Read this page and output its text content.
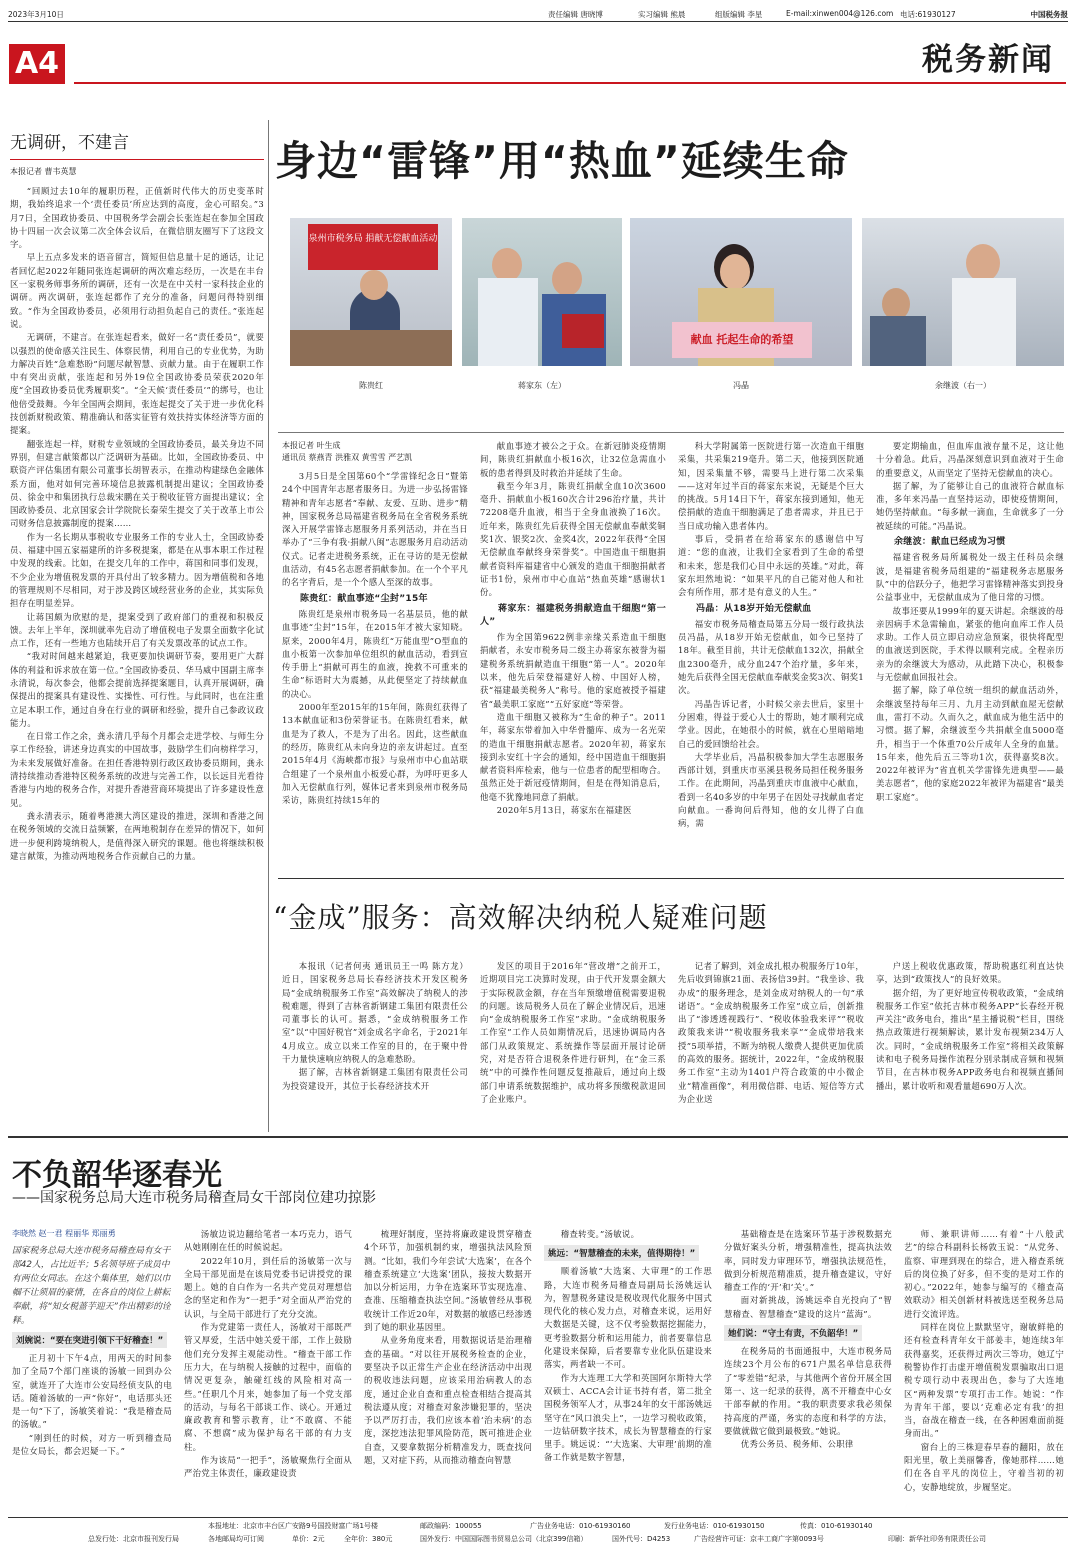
2023年3月10日	责任编辑 唐晓博	实习编辑 熊晨	组版编辑 李星	E-mail:xinwen004@126.com 电话:61930127	中国税务报
A4	税务新闻
无调研，不建言
本报记者 曹韦英慧

“回顾过去10年的履职历程，正值新时代伟大的历史变革时期，我始终追求一个‘责任委员’所应达到的高度，金心可昭矣。”3月7日，全国政协委员、中国税务学会副会长张连起在参加全国政协十四届一次会议第二次全体会议后，在微信朋友圈写下了这段文字。

早上五点多发来的语音留言，简短但信息量十足的通话，让记者回忆起2022年随同张连起调研的两次难忘经历，一次是在丰台区一家税务师事务所的调研，还有一次是在中关村一家科技企业的调研。两次调研，张连起都作了充分的准备，问题问得特别细致。“作为全国政协委员，必须用行动担负起自己的责任。”张连起说。

无调研，不建言。在张连起看来，做好一名“责任委员”，就要以强烈的使命感关注民生、体察民情，利用自己的专业优势，为助力解决百姓“急难愁盼”问题尽献智慧、贡献力量。由于在履职工作中有突出贡献，张连起和另外19位全国政协委员荣获2020年度“全国政协委员优秀履职奖”。“全天候‘责任委员’”的绑号，也让他倍受鼓舞。今年全国两会期间，张连起提交了关于进一步优化科技创新财税政策、精准确认和落实征管有效扶持实体经济等方面的提案。

翻张连起一样，财税专业领域的全国政协委员，最关身边不同界别，但建言献策都以广泛调研为基础。比如，全国政协委员、中联资产评估集团有限公司董事长胡智表示，在推动构建绿色金融体系方面，他对如何完善环境信息披露机制提出建议；全国政协委员、徐金中和集团执行总裁宋鹏在关于税收征管方面提出建议；全国政协委员、北京国家会计学院院长秦荣生提交了关于改革上市公司财务信息披露制度的提案……

作为一名长期从事税收专业服务工作的专业人士，全国政协委员、福建中国五家福建所的许多税提案，都是在从事本职工作过程中发现的线索。比如，在提交几年的工作中，蒋国和同事们发现，不少企业为增值税发票的开具付出了较多精力。因为增值税和各地的管理规则不尽相同，对于涉及跨区域经营业务的企业，其实际负担存在明显差异。

让蒋国颇为欣慰的是，提案受到了政府部门的重视和积极反馈。去年上半年，深圳就率先启动了增值税电子发票全面数字化试点工作，还有一些地方也陆续开启了有关发票改革的试点工作。

“我对时间越来越紧迫，我更要加快调研节奏，要用更广大群体的利益和诉求放在第一位。”全国政协委员、华马威中国副主席李永清说，每次参会，他都会提前选择提案题目，认真开展调研，确保提出的提案具有建设性、实操性、可行性。与此同时，也在注重立足本职工作，通过自身在行业的调研和经验，提升自己参政议政能力。

在日常工作之余，龚永清几乎每个月都会走进学校、与师生分享工作经验，讲述身边真实的中国故事，鼓励学生们向榜样学习，为未来发展做好准备。在担任香港特别行政区政协委员期间，龚永清持续推动香港特区税务系统的改进与完善工作，以长远目光看待香港与内地的税务合作，对提升香港营商环境提出了许多建设性意见。

龚永清表示，随着粤港澳大湾区建设的推进，深圳和香港之间在税务领域的交流日益频繁，在两地税制存在差异的情况下，如何进一步便利跨境纳税人，是值得深入研究的课题。他也将继续积极建言献策，为推动两地税务合作贡献自己的力量。

身边“雷锋”用“热血”延续生命
泉州市税务局 捐献无偿献血活动
陈贵红	蒋家东（左）
献血 托起生命的希望
冯晶	余继波（右一）
本报记者 叶生成
通讯员 蔡燕青 洪雅双 黄雪雪 严艺凯

3月5日是全国第60个“学雷锋纪念日”暨第24个中国青年志愿者服务日。为进一步弘扬雷锋精神和青年志愿者“奉献、友爱、互助、进步”精神，国家税务总局福建省税务局在全省税务系统深入开展学雷锋志愿服务月系列活动，并在当日举办了“三争有我·捐献八闽”志愿服务月启动活动仪式。记者走进税务系统，正在寻访的是无偿献血活动，有45名志愿者捐献参加。在一个个平凡的名字背后，是一个个感人至深的故事。

陈贵红：献血事迹“尘封”15年

陈贵红是泉州市税务局一名基层员，他的献血事迹“尘封”15年，在2015年才被大家知晓。原来，2000年4月，陈贵红“万能血型”O型血的血小板第一次参加单位组织的献血活动，看到宣传手册上“捐献可再生的血液，挽救不可重来的生命”标语时大为震撼，从此便坚定了持续献血的决心。

2000年至2015年的15年间，陈贵红获得了13本献血证和3份荣誉证书。在陈贵红看来，献血是为了救人，不是为了出名。因此，这些献血的经历，陈贵红从未向身边的亲友讲起过。直至2015年4月《海峡都市报》与泉州市中心血站联合组建了一个泉州血小板爱心群，为呼吁更多人加入无偿献血行列，媒体记者来到泉州市税务局采访，陈贵红持续15年的

献血事迹才被公之于众。在新冠肺炎疫情期间，陈贵红捐献血小板16次，让32位急需血小板的患者得到及时救治并延续了生命。

截至今年3月，陈贵红捐献全血10次3600毫升、捐献血小板160次合计296治疗量，共计72208毫升血液，相当于全身血液换了16次。近年来，陈贵红先后获得全国无偿献血奉献奖铜奖1次、银奖2次、金奖4次，2022年获得“全国无偿献血奉献终身荣誉奖”。中国造血干细胞捐献者资料库福建省中心颁发的造血干细胞捐献者证书1份，泉州市中心血站“热血英雄”感谢状1份。

蒋家东：福建税务捐献造血干细胞“第一人”

作为全国第9622例非亲缘关系造血干细胞捐献者，永安市税务局二级主办蒋家东被誉为福建税务系统捐献造血干细胞“第一人”。2020年以来，他先后荣登福建好人榜、中国好人榜，获“福建最美税务人”称号。他的家庭被授予福建省“最美职工家庭”“五好家庭”等荣誉。

造血干细胞又被称为“生命的种子”。2011年，蒋家东带着加入中华骨髓库、成为一名光荣的造血干细胞捐献志愿者。2020年初，蒋家东接到永安红十字会的通知，经中国造血干细胞捐献者资料库检索，他与一位患者的配型相吻合。虽然正处于新冠疫情期间，但是在得知消息后，他毫不犹豫地同意了捐献。

2020年5月13日，蒋家东在福建医

科大学附属第一医院进行第一次造血干细胞采集，共采集219毫升。第二天，他接到医院通知，因采集量不够，需要马上进行第二次采集——这对年过半百的蒋家东来说，无疑是个巨大的挑战。5月14日下午，蒋家东接到通知，他无偿捐献的造血干细胞满足了患者需求，并且已于当日成功输入患者体内。

事后，受捐者在给蒋家东的感谢信中写道：“您的血液，让我们全家看到了生命的希望和未来，您是我们心目中永远的英雄。”对此，蒋家东坦然地说：“如果平凡的自己能对他人和社会有所作用，那才是有意义的人生。”

冯晶：从18岁开始无偿献血

福安市税务局稽查局第五分局一级行政执法员冯晶，从18岁开始无偿献血，如今已坚持了18年。截至目前，共计无偿献血132次，捐献全血2300毫升，成分血247个治疗量，多年来，她先后获得全国无偿献血奉献奖金奖3次、铜奖1次。

冯晶告诉记者，小时候父亲去世后，家里十分困难，得益于爱心人士的帮助，她才顺利完成学业。因此，在她很小的时候，就在心里暗暗地自己的爱回馈给社会。

大学毕业后，冯晶积极参加大学生志愿服务西部计划，到重庆市巫溪县税务局担任税务服务工作。在此期间，冯晶到重庆市血液中心献血，看到一名40多岁的中年男子在因处寻找献血者定向献血。一番询问后得知，他的女儿得了白血病，需

要定期输血，但血库血液存量不足，这让他十分着急。此后，冯晶深刻意识到血液对于生命的重要意义，从而坚定了坚持无偿献血的决心。

据了解，为了能够让自己的血液符合献血标准，多年来冯晶一直坚持运动，即使疫情期间，她仍坚持献血。“每多献一滴血，生命就多了一分被延续的可能。”冯晶说。

余继波：献血已经成为习惯

福建省税务局所属税处一级主任科员余继波，是福建省税务局组建的“福建税务志愿服务队”中的信跃分子，他把学习雷锋精神落实到投身公益事业中，无偿献血成为了他日常的习惯。

故事还要从1999年的夏天讲起。余继波的母亲因病手术急需输血，紧张的他向血库工作人员求助。工作人员立即启动应急预案，很快将配型的血液送到医院，手术得以顺利完成。全程亲历亲为的余继波大为感动，从此踏下决心，积极参与无偿献血回报社会。

据了解，除了单位统一组织的献血活动外，余继波坚持每年三月、九月主动到献血屋无偿献血，雷打不动。久而久之，献血成为他生活中的习惯。据了解，余继波至今共捐献全血5000毫升，相当于一个体重70公斤成年人全身的血量。15年来，他先后五三等功1次，获得嘉奖8次。2022年被评为“省直机关学雷锋先进典型——最美志愿者”，他的家庭2022年被评为福建省“最美职工家庭”。

“金成”服务：高效解决纳税人疑难问题

本报讯（记者何夷 通讯员王一鸣 陈方龙）近日，国家税务总局长春经济技术开发区税务局“金成纳税服务工作室”高效解决了纳税人的涉税难题，得到了吉林省新钢建工集团有限责任公司董事长的认可。据悉，“金成纳税服务工作室”以“中国好税官”刘金成名字命名，于2021年4月成立。成立以来工作室的目的，在于聚中骨干力量快速响应纳税人的急难愁盼。

据了解，吉林省新钢建工集团有限责任公司为投资建设开，其位于长春经济技术开

发区的项目于2016年“营改增”之前开工，近期项目完工决算时发现，由于代开发票金额大于实际税款金额，存在当年预缴增值税需要退税的问题。该局税务人员在了解企业情况后，迅速向“金成纳税服务工作室”求助。“金成纳税服务工作室”工作人员如期情况后，迅速协调局内各部门从政策规定、系统操作等层面开展讨论研究，对是否符合退税条件进行研判，在“金三系统”中的可操作性问题反复推敲后，通过向上级部门申请系统数据维护，成功将多预缴税款退回了企业账户。

记者了解到，刘金成扎根办税服务厅10年，先后收到锦旗21面、表扬信39封。“我坐诊、我办成”的服务理念，是刘金成对纳税人的一句“承诺语”。“金成纳税服务工作室”成立后，创新推出了“渗透透视践行”、“税收体验我来评”“税收政策我来讲”“税收服务我来享”“金成带培我来授”5项举措，不断为纳税人缴费人提供更加优质的高效的服务。据统计，2022年，“金成纳税服务工作室”主动为1401户符合政策的中小微企业“精准画像”，利用微信群、电话、短信等方式为企业送

户送上税收优惠政策，帮助税惠红利直达快享，达到“政策找人”的良好效果。

据介绍，为了更好地宣传税收政策，“金成纳税服务工作室”依托吉林市税务APP“长春经开税声关注”政务电台，推出“星主播说税”栏目，围绕热点政策进行视频解读，累计发布视频234万人次。同时，“金成纳税服务工作室”将相关政策解读和电子税务局操作流程分别录制成音频和视频节目，在吉林市税务APP政务电台和视频直播间播出，累计收听和观看量超690万人次。

不负韶华逐春光
——国家税务总局大连市税务局稽查局女干部岗位建功掠影
李晓然 赵一君 程丽华 郑丽勇
国家税务总局大连市税务局稽查局有女干部42人，占比近半；5名领导班子成员中有两位女同志。在这个集体里，她们以巾帼不让须眉的豪情，在各自的岗位上耕耘奉献，将“知女税蔷芋迎天”作出精彩的诠释。
刘婉说：“要在突进引领下干好稽查！”

正月初十下午4点，用两天的时间参加了全局7个部门座谈的汤敏一回到办公室，就连开了大连市公安局经侦支队的电话。随着汤敏的一声“你好”，电话那头还是一句“下了，汤敏笑着说：“我是稽查局的汤敏。”

“刚到任的时候，对方一听到稽查局是位女局长，都会迟疑一下。”

汤敏边说边翻给笔者一本巧克力，语气从她刚刚在任的时候说起。

2022年10月，到任后的汤敏第一次与全局干部见面是在该局党委书记讲授党的课题上。她的自白作为一名共产党员对理想信念的坚定和作为“一把手”对全面从严治党的认识，与全局干部进行了充分交流。

作为党建第一责任人，汤敏对干部既严管又厚爱，生活中她关爱干部，工作上鼓励他们充分发挥主观能动性。“稽查干部工作压力大，在与纳税人接触的过程中，面临的情况更复杂，触碰红线的风险相对高一些。”任职几个月来，她参加了每一个党支部的活动，与每名干部谈工作、谈心。开通过廉政教育和警示教育，让“不敢腐、不能腐、不想腐”成为保护每名干部的有力支柱。

作为该局“一把手”，汤敏聚焦行全面从严治党主体责任，廉政建设责

梳理好制度，坚持将廉政建设贯穿稽查4个环节，加强机制约束，增强执法风险预测。“比如，我们今年尝试‘大选案’，在各个稽查系统建立‘大选案’团队，接按大数据开加以分析运用，力争在选案环节实现选准、查准、压缩稽查执法空间。”汤敏曾经从事税收统计工作近20年，对数据的敏感已经渗透到了她的职业基因里。

从业务角度来看，用数据说话是治理稽查的基础。“对以往开展税务检查的企业，要坚决予以正常生产企业在经济活动中出现的税收违法问题，应该采用治病教人的态度，通过企业自查和重点检查相结合提高其税法遵从度；对稽查对象涉嫌犯罪的，坚决予以严厉打击，我们应该本着‘治未病’的态度，深挖违法犯罪风险防范，既可推进企业自查，又要拿数据分析精准发力，既查找问题，又对症下药，从而推动稽查向智慧

稽查转变。”汤敏说。

姚远：“智慧稽查的未来，值得期待！”

顺着汤敏“大选案、大审理”的工作思路，大连市税务局稽查局副局长汤姚远认为，智慧税务建设是税收现代化服务中国式现代化的核心发力点，对稽查来说，运用好大数据是关键，这不仅考验数据挖掘能力，更考验数据分析和运用能力，前者要靠信息化建设来保障，后者要靠专业化队伍建设来落实，两者缺一不可。

作为大连理工大学和英国阿尔斯特大学双硕士、ACCA会计证书持有者，第二批全国税务领军人才，从事24年的女干部汤姚远坚守在“风口浪尖上”，一边学习税收政策，一边钻研数字技术，成长为智慧稽查的行家里手。姚远说：“‘大选案、大审理’前期的准备工作就是数字智慧，

基础稽查是在选案环节基于涉税数据充分做好案头分析，增强精准性，提高执法效率，同时发力审理环节，增强执法规范性，做到分析规范精准质，提升稽查建议，守好稽查工作的‘开’和‘关’。”

面对新挑战，汤姚远牵自光投向了“智慧稽查、智慧稽查”建设的这片“蓝海”。

她们说：“守土有责，不负韶华！”

在税务局的书面通报中，大连市税务局连续23个月公布的671户黑名单信息获得了“零差错”纪录，与其他两个省份开展全国第一、这一纪录的获得，离不开稽查中心女干部奉献的作用。“我的职责要求我必须保持高度的严谨，务实的态度和科学的方法，要做就做它做到最极致。”她说。

优秀公务员、税务师、公职律

师、兼职讲师……有着“十八般武艺”的综合科副科长杨敦玉说：“从党务、监察、审理到现在的综合，进入稽查系统后的岗位换了好多，但不变的是对工作的初心。”2022年，她参与编写的《稽查高效联动》相关创新材料被选送至税务总局进行交流评选。

同样在岗位上默默坚守，谢敏鲜艳的还有检查科青年女干部姜丰，她连续3年获得嘉奖，还获得过两次三等功，她辽宁税警协作打击虚开增值税发票骗取出口退税专项行动中表现出色，参与了大连地区“两种发票”专项打击工作。她说：“作为青年干部，要以‘克难必定有我’的担当，奋战在稽查一线，在各种困难面前挺身而出。”

窗台上的三株迎春早春的翻阳，放在阳光里，敬上美丽馨香，像她那样……她们在各自平凡的岗位上，守着当初的初心，安静地绽放，步履坚定。

本报地址：北京市丰台区广安路9号国投财富广场1号楼
总发行处：北京市报刊发行局	各地邮局均可订阅	单价：2元	全年价：380元
邮政编码：100055	广告业务电话：010-61930160	发行业务电话：010-61930150	传真：010-61930140
国外发行：中国国际图书贸易总公司（北京399信箱）	国外代号：D4253	广告经营许可证：京丰工商广字第0093号	印刷：新华社印务有限责任公司
